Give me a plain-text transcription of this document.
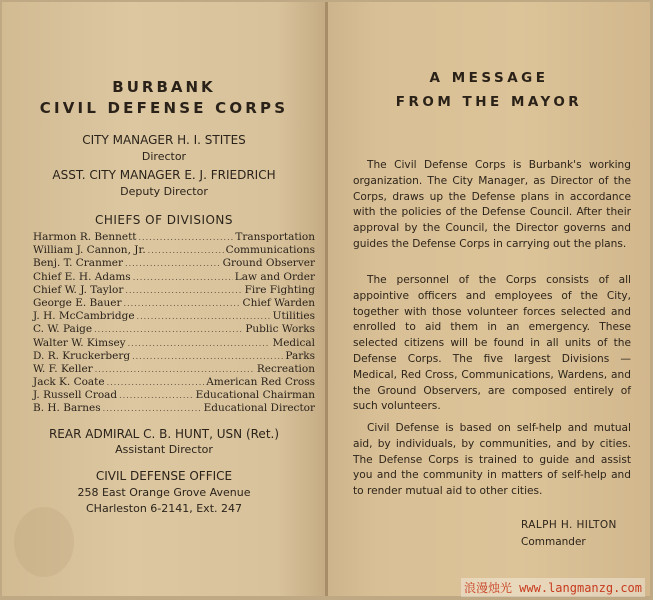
BURBANK
CIVIL DEFENSE CORPS
CITY MANAGER H. I. STITES
Director
ASST. CITY MANAGER E. J. FRIEDRICH
Deputy Director
CHIEFS OF DIVISIONS
Harmon R. Bennett .....	Transportation
William J. Cannon, Jr. .....	Communications
Benj. T. Cranmer .....	Ground Observer
Chief E. H. Adams .....	Law and Order
Chief W. J. Taylor .....	Fire Fighting
George E. Bauer .....	Chief Warden
J. H. McCambridge .....	Utilities
C. W. Paige .....	Public Works
Walter W. Kimsey .....	Medical
D. R. Kruckerberg .....	Parks
W. F. Keller .....	Recreation
Jack K. Coate .....	American Red Cross
J. Russell Croad .....	Educational Chairman
B. H. Barnes .....	Educational Director
REAR ADMIRAL C. B. HUNT, USN (Ret.)
Assistant Director
CIVIL DEFENSE OFFICE
258 East Orange Grove Avenue
CHarleston 6-2141, Ext. 247
A MESSAGE
FROM THE MAYOR

The Civil Defense Corps is Burbank's working organization. The City Manager, as Director of the Corps, draws up the Defense plans in accordance with the policies of the Defense Council. After their approval by the Council, the Director governs and guides the Defense Corps in carrying out the plans.

The personnel of the Corps consists of all appointive officers and employees of the City, together with those volunteer forces selected and enrolled to aid them in an emergency. These selected citizens will be found in all units of the Defense Corps. The five largest Divisions — Medical, Red Cross, Communications, Wardens, and the Ground Observers, are composed entirely of such volunteers.

Civil Defense is based on self-help and mutual aid, by individuals, by communities, and by cities. The Defense Corps is trained to guide and assist you and the community in matters of self-help and to render mutual aid to other cities.

RALPH H. HILTON
Commander
浪漫烛光 www.langmanzg.com
